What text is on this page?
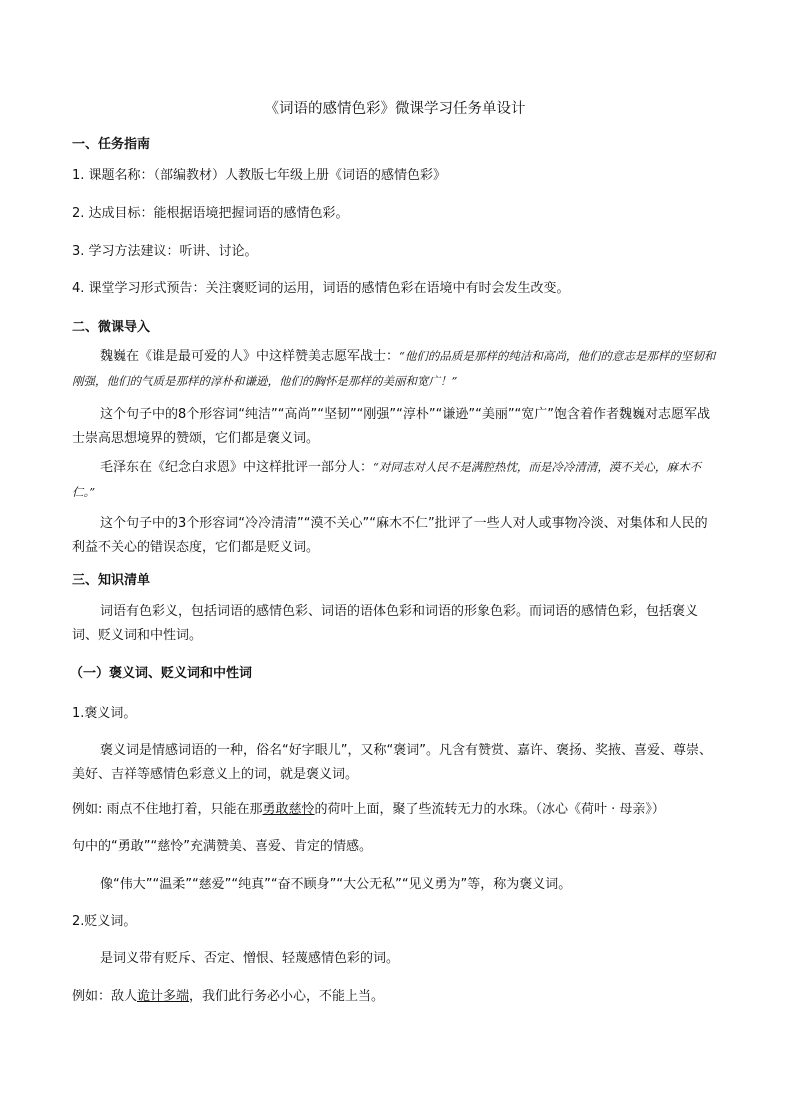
《词语的感情色彩》微课学习任务单设计
一、任务指南
1. 课题名称：（部编教材）人教版七年级上册《词语的感情色彩》
2. 达成目标：能根据语境把握词语的感情色彩。
3. 学习方法建议：听讲、讨论。
4. 课堂学习形式预告：关注褒贬词的运用，词语的感情色彩在语境中有时会发生改变。
二、微课导入
魏巍在《谁是最可爱的人》中这样赞美志愿军战士：“他们的品质是那样的纯洁和高尚，他们的意志是那样的坚韧和刚强，他们的气质是那样的淳朴和谦逊，他们的胸怀是那样的美丽和宽广！”
这个句子中的8个形容词“纯洁”“高尚”“坚韧”“刚强”“淳朴”“谦逊”“美丽”“宽广”饱含着作者魏巍对志愿军战士崇高思想境界的赞颂，它们都是褒义词。
毛泽东在《纪念白求恩》中这样批评一部分人：“对同志对人民不是满腔热忱，而是冷冷清清，漠不关心，麻木不仁。”
这个句子中的3个形容词“冷冷清清”“漠不关心”“麻木不仁”批评了一些人对人或事物冷淡、对集体和人民的利益不关心的错误态度，它们都是贬义词。
三、知识清单
词语有色彩义，包括词语的感情色彩、词语的语体色彩和词语的形象色彩。而词语的感情色彩，包括褒义词、贬义词和中性词。
（一）褒义词、贬义词和中性词
1.褒义词。
褒义词是情感词语的一种，俗名“好字眼儿”，又称“褒词”。凡含有赞赏、嘉许、褒扬、奖掖、喜爱、尊崇、美好、吉祥等感情色彩意义上的词，就是褒义词。
例如: 雨点不住地打着，只能在那勇敢慈怜的荷叶上面，聚了些流转无力的水珠。（冰心《荷叶 · 母亲》）
句中的“勇敢”“慈怜”充满赞美、喜爱、肯定的情感。
像“伟大”“温柔”“慈爱”“纯真”“奋不顾身”“大公无私”“见义勇为”等，称为褒义词。
2.贬义词。
是词义带有贬斥、否定、憎恨、轻蔑感情色彩的词。
例如：敌人诡计多端，我们此行务必小心，不能上当。
